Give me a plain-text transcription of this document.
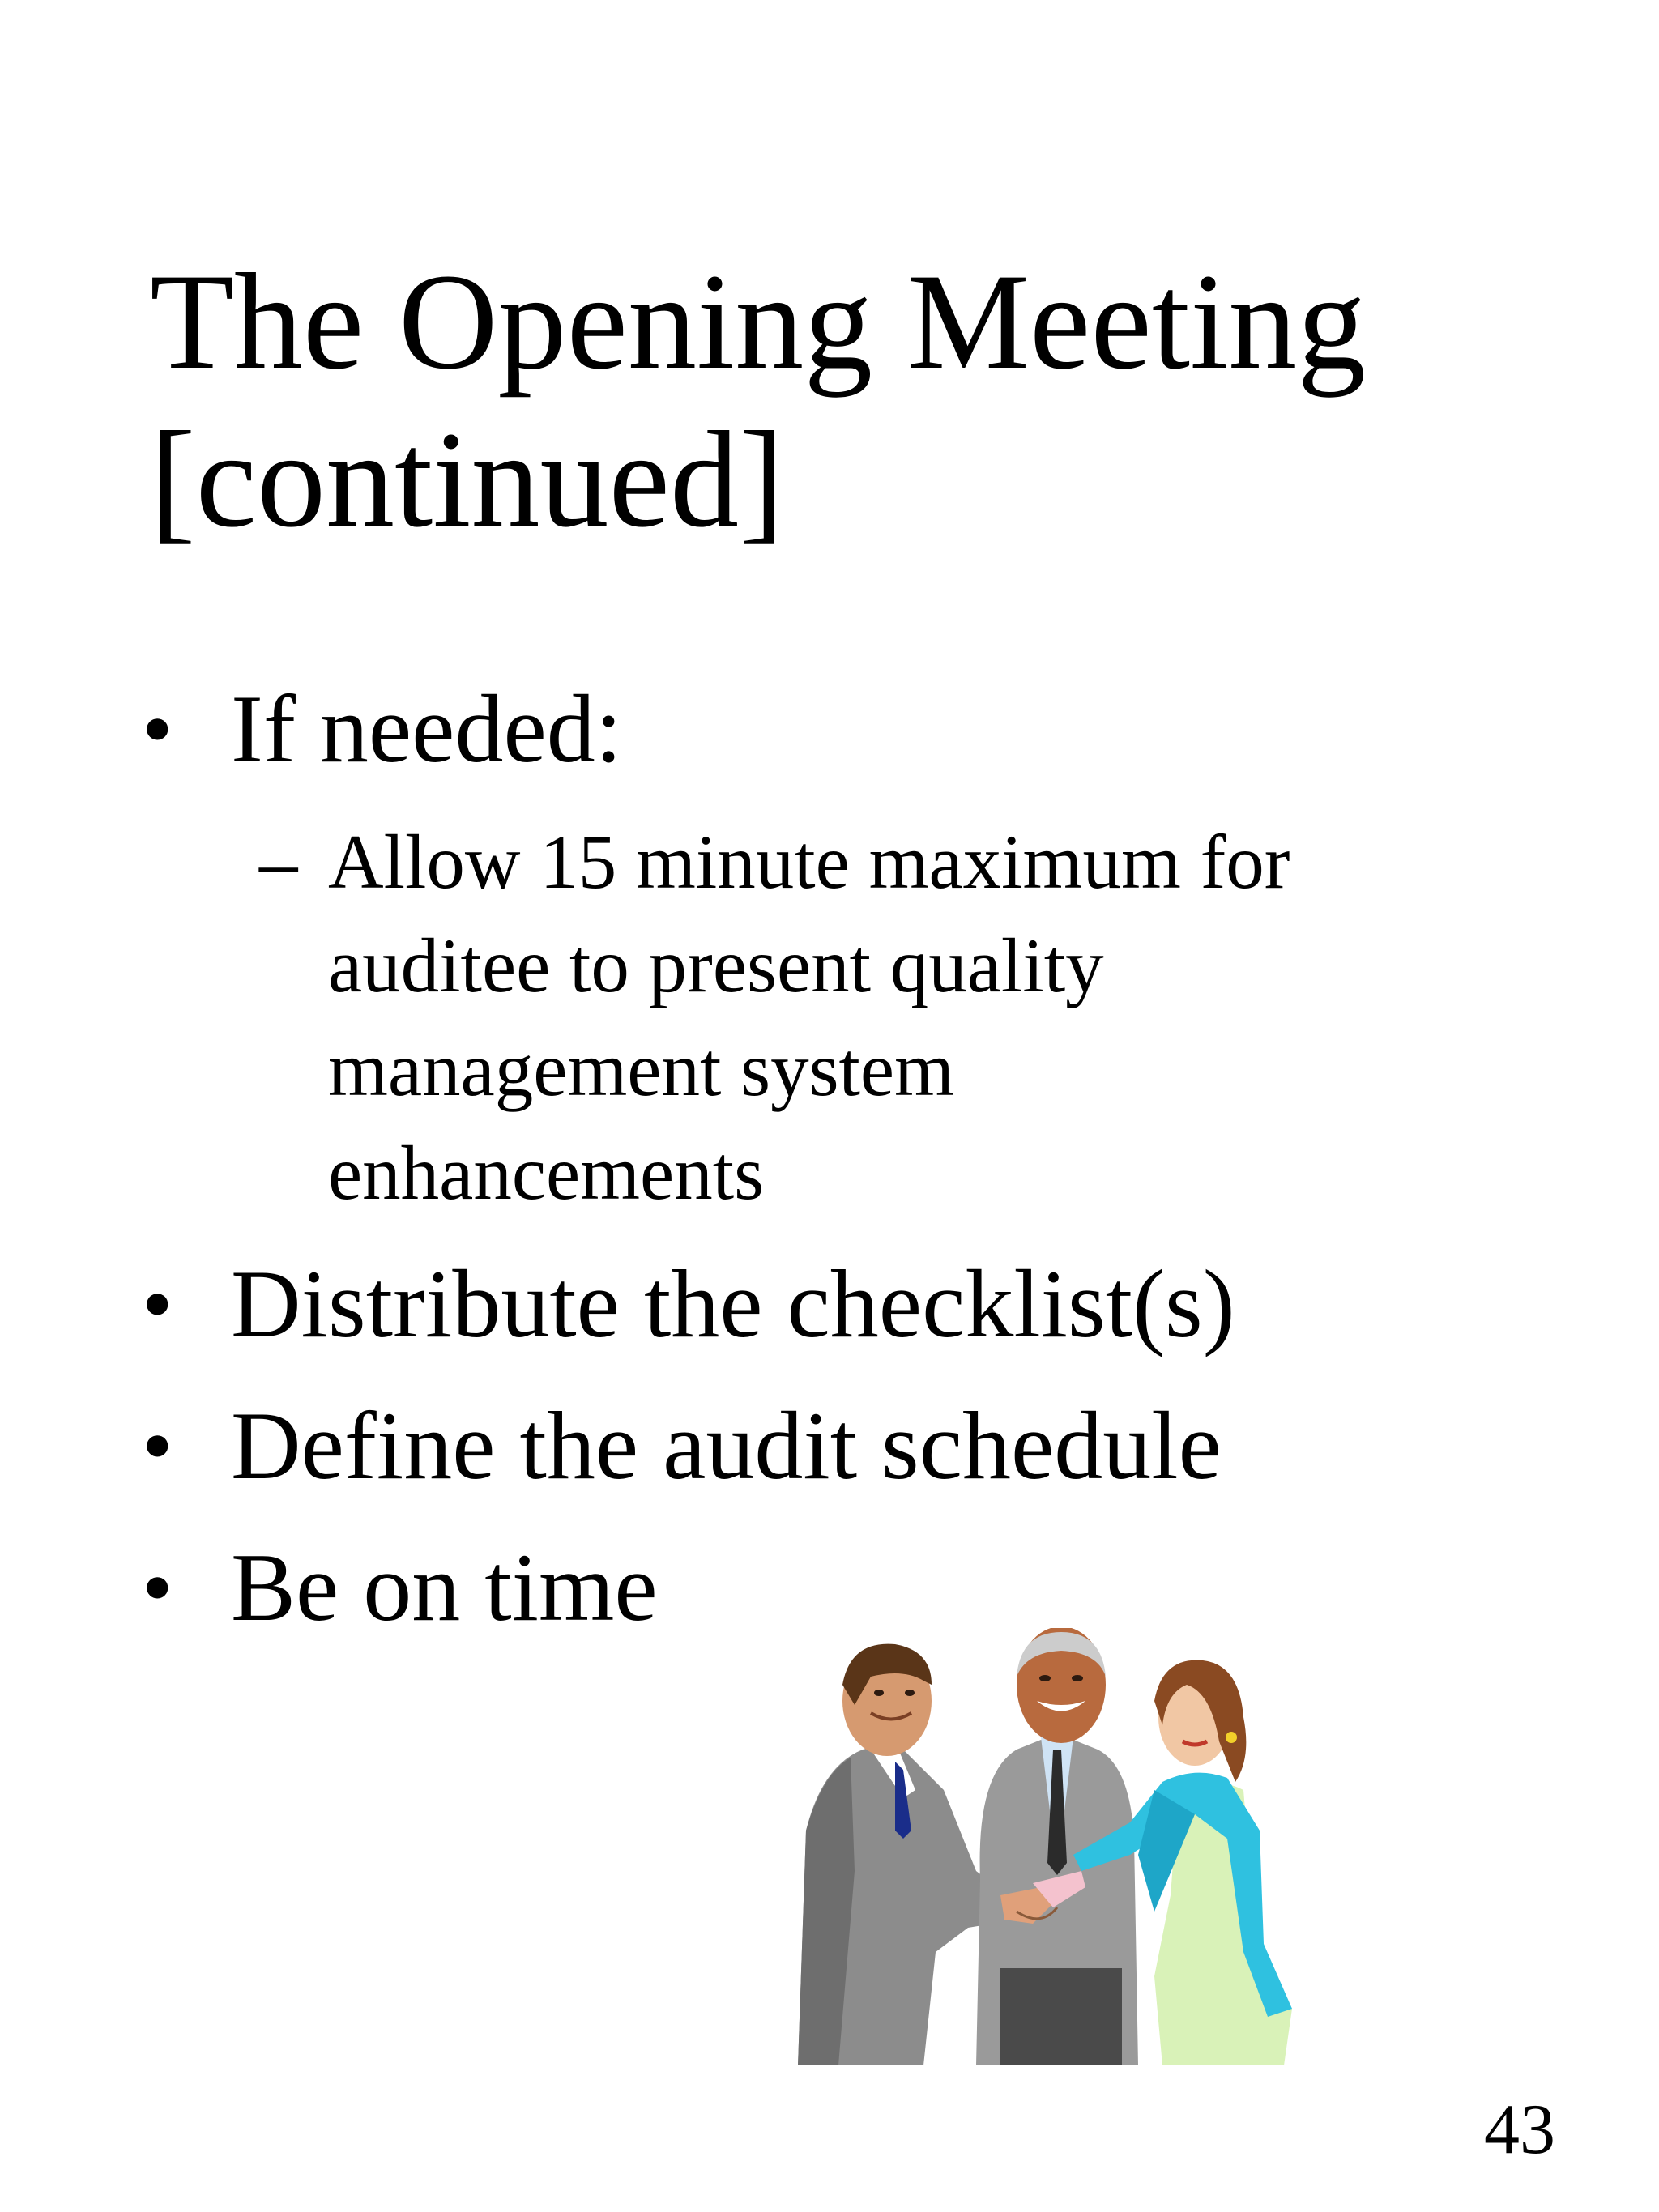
The Opening Meeting
[continued]
• If needed:
– Allow 15 minute maximum for
auditee to present quality
management system
enhancements
• Distribute the checklist(s)
• Define the audit schedule
• Be on time
43
